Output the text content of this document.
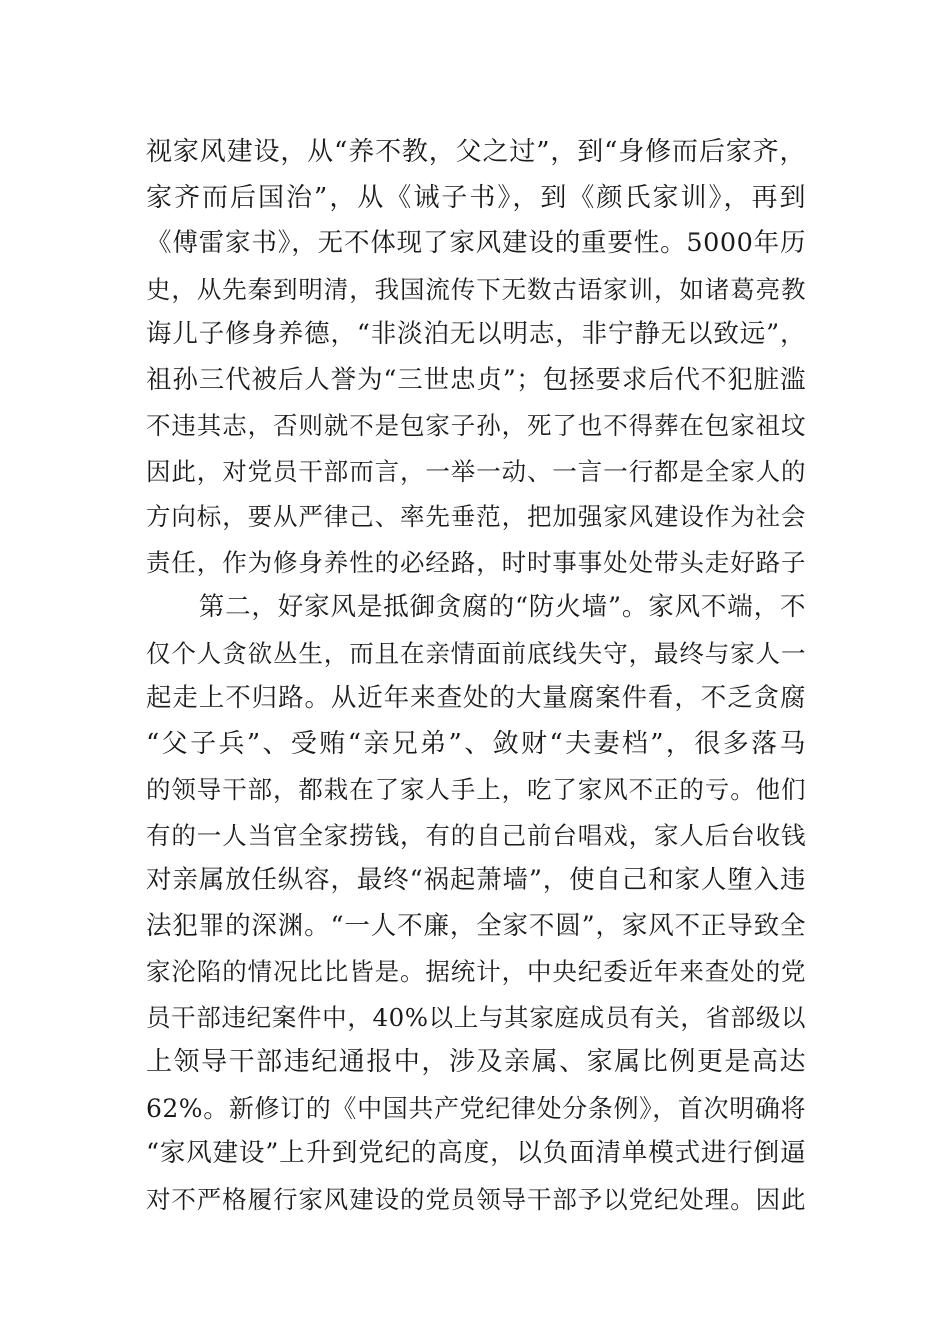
视家风建设，从“养不教，父之过”，到“身修而后家齐，
家齐而后国治”，从《诫子书》，到《颜氏家训》，再到
《傅雷家书》，无不体现了家风建设的重要性。5000年历
史，从先秦到明清，我国流传下无数古语家训，如诸葛亮教
诲儿子修身养德，“非淡泊无以明志，非宁静无以致远”，
祖孙三代被后人誉为“三世忠贞”；包拯要求后代不犯脏滥
不违其志，否则就不是包家子孙，死了也不得葬在包家祖坟
因此，对党员干部而言，一举一动、一言一行都是全家人的
方向标，要从严律己、率先垂范，把加强家风建设作为社会
责任，作为修身养性的必经路，时时事事处处带头走好路子
　　第二，好家风是抵御贪腐的“防火墙”。家风不端，不
仅个人贪欲丛生，而且在亲情面前底线失守，最终与家人一
起走上不归路。从近年来查处的大量腐案件看，不乏贪腐
“父子兵”、受贿“亲兄弟”、敛财“夫妻档”，很多落马
的领导干部，都栽在了家人手上，吃了家风不正的亏。他们
有的一人当官全家捞钱，有的自己前台唱戏，家人后台收钱
对亲属放任纵容，最终“祸起萧墙”，使自己和家人堕入违
法犯罪的深渊。“一人不廉，全家不圆”，家风不正导致全
家沦陷的情况比比皆是。据统计，中央纪委近年来查处的党
员干部违纪案件中，40%以上与其家庭成员有关，省部级以
上领导干部违纪通报中，涉及亲属、家属比例更是高达
62%。新修订的《中国共产党纪律处分条例》，首次明确将
“家风建设”上升到党纪的高度，以负面清单模式进行倒逼
对不严格履行家风建设的党员领导干部予以党纪处理。因此
